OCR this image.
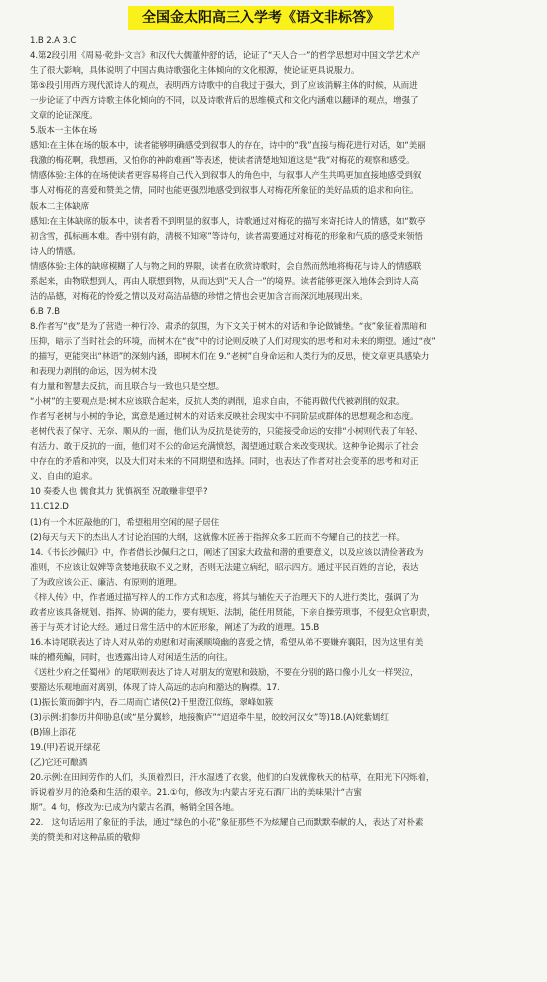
全国金太阳高三入学考《语文非标答》

1.B 2.A 3.C

4.第2段引用《周易·乾卦·文言》和汉代大儒董仲舒的话，论证了“天人合一”的哲学思想对中国文学艺术产

生了很大影响，具体说明了中国古典诗歌强化主体倾向的文化根源，使论证更具说服力。

第⑤段引用西方现代派诗人的观点，表明西方诗歌中的自我过于强大，到了应该消解主体的时候，从而进

一步论证了中西方诗歌主体化倾向的不同，以及诗歌背后的思维模式和文化内涵难以翻译的观点，增强了

文章的论证深度。

5.版本一主体在场

感知:在主体在场的版本中，读者能够明确感受到叙事人的存在，诗中的“我”直接与梅花进行对话，如“美丽

我激的梅花啊，我想画，又怕你的神韵难画”等表述，使读者清楚地知道这是“我”对梅花的观察和感受。

情感体验:主体的在场使读者更容易将自己代入到叙事人的角色中，与叙事人产生共鸣更加直接地感受到叙

事人对梅花的喜爱和赞美之情，同时也能更强烈地感受到叙事人对梅花所象征的美好品质的追求和向往。

版本二主体缺席

感知:在主体缺席的版本中，读者看不到明显的叙事人，诗歌通过对梅花的描写来寄托诗人的情感，如“数亭

初含雪，孤标画本难。香中别有韵，清极不知寒”等诗句，读者需要通过对梅花的形象和气质的感受来领悟

诗人的情感。

情感体验:主体的缺席模糊了人与物之间的界限，读者在欣赏诗歌时，会自然而然地将梅花与诗人的情感联

系起来，由物联想到人，再由人联想到物，从而达到“天人合一”的境界。读者能够更深入地体会到诗人高

洁的品德，对梅花的怜爱之情以及对高洁品德的珍惜之情也会更加含言而深沉地展现出来。

6.B 7.B

8.作者写“夜”是为了营造一种行冷、肃杀的氛围，为下文关于树木的对话和争论做铺垫。“夜”象征着黑暗和

压抑，暗示了当时社会的环境，而树木在“夜”中的讨论则反映了人们对现实的思考和对未来的期望。通过“夜”

的描写，更能突出“林语”的深刻内涵，即树木们在 9.“老树”自身命运和人类行为的反思，使文章更具感染力

和表现力剥削的命运，因为树木没

有力量和智慧去反抗，而且联合与一致也只是空想。

“小树”的主要观点是:树木应该联合起来，反抗人类的剥削，追求自由，不能再做代代被剥削的奴隶。

作者写老树与小树的争论，寓意是通过树木的对话来反映社会现实中不同阶层或群体的思想观念和态度。

老树代表了保守、无奈、顺从的一面，他们认为反抗是徒劳的，只能接受命运的安排“小树则代表了年轻、

有活力、敢于反抗的一面，他们对不公的命运充满愤怒，渴望通过联合来改变现状。这种争论揭示了社会

中存在的矛盾和冲突，以及大们对未来的不同期望和选择。同时，也表达了作者对社会变革的思考和对正

义、自由的追求。

10 奏委人也 儒食其力 犹慎祸至 况敢赚非望乎?

11.C12.D

(1)有一个木匠敲他的门，希望租用空闲的屋子居住

(2)每天与天下的杰出人才讨论治国的大纲，这就像木匠善于指挥众多工匠而不夸耀自己的技艺一样。

14.《书长沙佩归》中，作者借长沙佩归之口，阐述了国家大政盐和潜的重要意义，以及应该以清俭著政为

准则，不应该让奴婢等贪婪地获取不义之财，否则无法建立病纪，昭示四方。通过平民百姓的言论，表达

了为政应该公正、廉洁、有原则的道理。

《梓人传》中，作者通过描写梓人的工作方式和态度，将其与辅佐天子治理天下的人进行类比，强调了为

政者应该具备规划、指挥、协调的能力，要有规矩、法制，能任用贤能，下亲自操劳琐事，不侵犯众官职责，

善于与英才讨论大经。通过日常生活中的木匠形象，阐述了为政的道理。15.B

16.本诗尾联表达了诗人对从弟的劝慰和对南溪顺境幽的喜爱之情，希望从弟不要嫌弃襄阳，因为这里有美

味的槽苑鳊，同时，也透露出诗人对闲适生活的向往。

《送杜少府之任蜀州》的尾联则表达了诗人对朋友的宽慰和鼓励，不要在分别的路口像小儿女一样哭泣，

要豁达乐观地面对离别，体现了诗人高远的志向和豁达的胸襟。17.

(1)振长策而御宇内，吞二周而亡诸侯(2)千里澄江似练，翠峰如簇

(3)示例:扪参历井仰胁息(或“星分翼轸，地接衡庐”“迢迢牵牛星，皎皎河汉女”等)18.(A)姹紫嫣红

(B)锦上添花

19.(甲)若说开绿花

(乙)它还可酿酒

20.示例:在田间劳作的人们，头顶着烈日，汗水湿透了衣裳，他们的白发就像秋天的枯草，在阳光下闪烁着，

诉说着岁月的沧桑和生活的艰辛。21.①句，修改为:内蒙古牙克石酒厂出的美味果汁“吉蜜

斯”。4 句，修改为:已成为内蒙古名酒，畅销全国各地。

22.　这句话运用了象征的手法，通过“绿色的小花”象征那些不为炫耀自己而默默奉献的人，表达了对朴素

美的赞美和对这种品质的敬仰
